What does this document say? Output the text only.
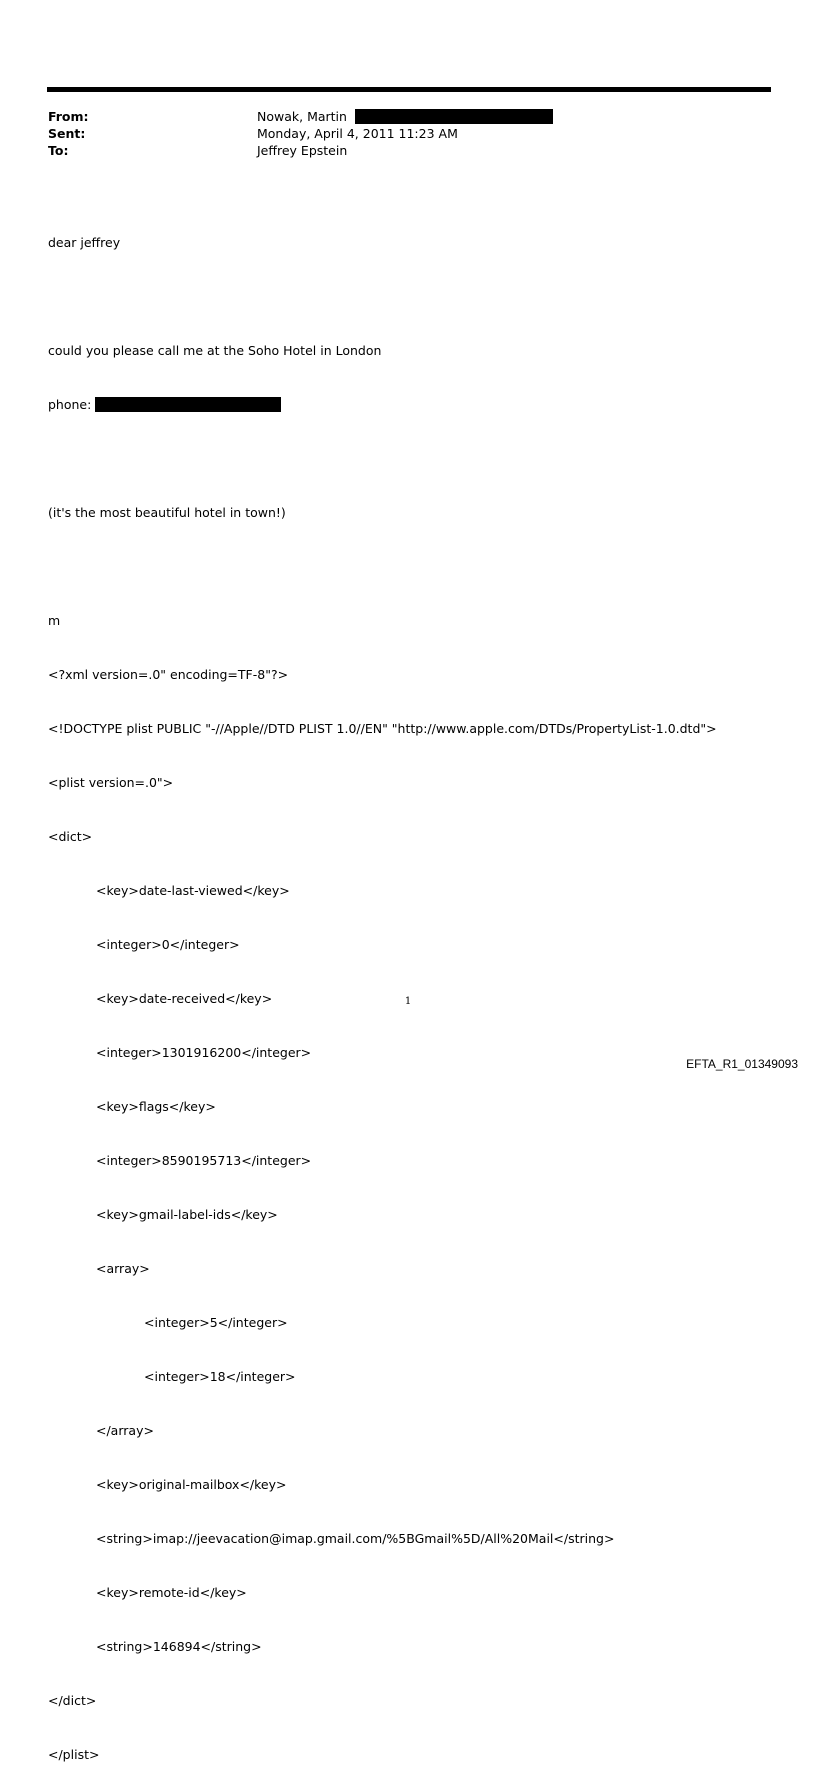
From:	Nowak, Martin
Sent:	Monday, April 4, 2011 11:23 AM
To:	Jeffrey Epstein

dear jeffrey

could you please call me at the Soho Hotel in London

phone:

(it's the most beautiful hotel in town!)

m

<?xml version=.0" encoding=TF-8"?>

<!DOCTYPE plist PUBLIC "-//Apple//DTD PLIST 1.0//EN" "http://www.apple.com/DTDs/PropertyList-1.0.dtd">

<plist version=.0">

<dict>

<key>date-last-viewed</key>

<integer>0</integer>

<key>date-received</key>

<integer>1301916200</integer>

<key>flags</key>

<integer>8590195713</integer>

<key>gmail-label-ids</key>

<array>

<integer>5</integer>

<integer>18</integer>

</array>

<key>original-mailbox</key>

<string>imap://jeevacation@imap.gmail.com/%5BGmail%5D/All%20Mail</string>

<key>remote-id</key>

<string>146894</string>

</dict>

</plist>

1
EFTA_R1_01349093
